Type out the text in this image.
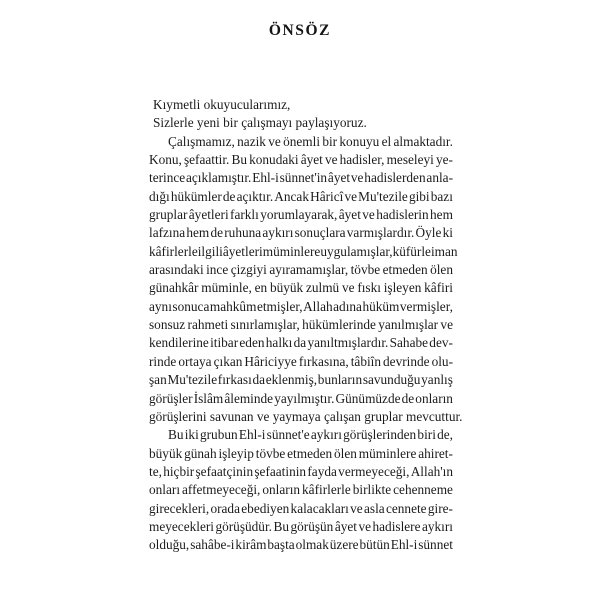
ÖNSÖZ

Kıymetli okuyucularımız,
Sizlerle yeni bir çalışmayı paylaşıyoruz.

Çalışmamız, nazik ve önemli bir konuyu el almaktadır.
Konu, şefaattir. Bu konudaki âyet ve hadisler, meseleyi ye-
terince açıklamıştır. Ehl-i sünnet'in âyet ve hadislerden anla-
dığı hükümler de açıktır. Ancak Hâricî ve Mu'tezile gibi bazı
gruplar âyetleri farklı yorumlayarak, âyet ve hadislerin hem
lafzına hem de ruhuna aykırı sonuçlara varmışlardır. Öyle ki
kâfirlerle ilgili âyetleri müminlere uygulamışlar, küfürle iman
arasındaki ince çizgiyi ayıramamışlar, tövbe etmeden ölen
günahkâr müminle, en büyük zulmü ve fıskı işleyen kâfiri
aynı sonuca mahkûm etmişler, Allah adına hüküm vermişler,
sonsuz rahmeti sınırlamışlar, hükümlerinde yanılmışlar ve
kendilerine itibar eden halkı da yanıltmışlardır. Sahabe dev-
rinde ortaya çıkan Hâriciyye fırkasına, tâbiîn devrinde olu-
şan Mu'tezile fırkası da eklenmiş, bunların savunduğu yanlış
görüşler İslâm âleminde yayılmıştır. Günümüzde de onların
görüşlerini savunan ve yaymaya çalışan gruplar mevcuttur.

Bu iki grubun Ehl-i sünnet'e aykırı görüşlerinden biri de,
büyük günah işleyip tövbe etmeden ölen müminlere ahiret-
te, hiçbir şefaatçinin şefaatinin fayda vermeyeceği, Allah'ın
onları affetmeyeceği, onların kâfirlerle birlikte cehenneme
girecekleri, orada ebediyen kalacakları ve asla cennete gire-
meyecekleri görüşüdür. Bu görüşün âyet ve hadislere aykırı
olduğu, sahâbe-i kirâm başta olmak üzere bütün Ehl-i sünnet
